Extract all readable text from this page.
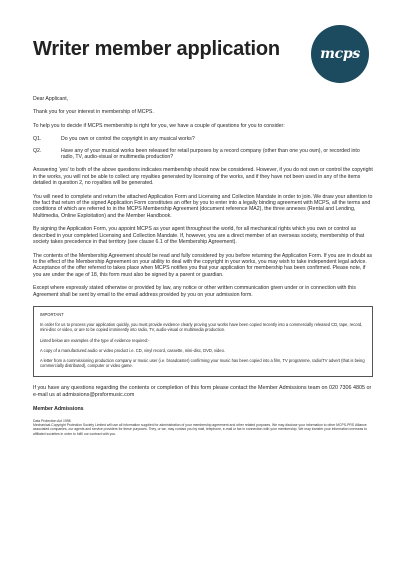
Writer member application	mcps

Dear Applicant,

Thank you for your interest in membership of MCPS.

To help you to decide if MCPS membership is right for you, we have a couple of questions for you to consider:

Q1.	Do you own or control the copyright in any musical works?
Q2.	Have any of your musical works been released for retail purposes by a record company (other than one you own), or recorded into radio, TV, audio-visual or multimedia production?

Answering ‘yes’ to both of the above questions indicates membership should now be considered. However, if you do not own or control the copyright in the works, you will not be able to collect any royalties generated by licensing of the works, and if they have not been used in any of the items detailed in question 2, no royalties will be generated.

You will need to complete and return the attached Application Form and Licensing and Collection Mandate in order to join. We draw your attention to the fact that return of the signed Application Form constitutes an offer by you to enter into a legally binding agreement with MCPS, all the terms and conditions of which are referred to in the MCPS Membership Agreement (document reference MA2), the three annexes (Rental and Lending, Multimedia, Online Exploitation) and the Member Handbook.

By signing the Application Form, you appoint MCPS as your agent throughout the world, for all mechanical rights which you own or control as described in your completed Licensing and Collection Mandate. If, however, you are a direct member of an overseas society, membership of that society takes precedence in that territory (see clause 6.1 of the Membership Agreement).

The contents of the Membership Agreement should be read and fully considered by you before returning the Application Form. If you are in doubt as to the effect of the Membership Agreement on your ability to deal with the copyright in your works, you may wish to take independent legal advice. Acceptance of the offer referred to takes place when MCPS notifies you that your application for membership has been confirmed. Please note, if you are under the age of 18, this form must also be signed by a parent or guardian.

Except where expressly stated otherwise or provided by law, any notice or other written communication given under or in connection with this Agreement shall be sent by email to the email address provided by you on your admission form.

IMPORTANT
In order for us to process your application quickly, you must provide evidence clearly proving your works have been copied recently into a commercially released CD, tape, record, mini-disc or video, or are to be copied imminently into radio, TV, audio-visual or multimedia production.
Listed below are examples of the type of evidence required:-
A copy of a manufactured audio or video product i.e. CD, vinyl record, cassette, mini-disc, DVD, video.
A letter from a commissioning production company or music user (i.e. broadcaster) confirming your music has been copied into a film, TV programme, radio/TV advert (that is being commercially distributed), computer or video game.

If you have any questions regarding the contents or completion of this form please contact the Member Admissions team on 020 7306 4805 or e-mail us at admissions@prsformusic.com

Member Admissions

Data Protection Act 1998

Mechanical-Copyright Protection Society Limited will use all information supplied for administration of your membership agreement and other related purposes. We may disclose your information to other MCPS-PRS Alliance associated companies, our agents and service providers for these purposes. They, or we, may contact you by mail, telephone, e-mail or fax in connection with your membership. We may transfer your information overseas to affiliated societies in order to fulfil our contract with you.
